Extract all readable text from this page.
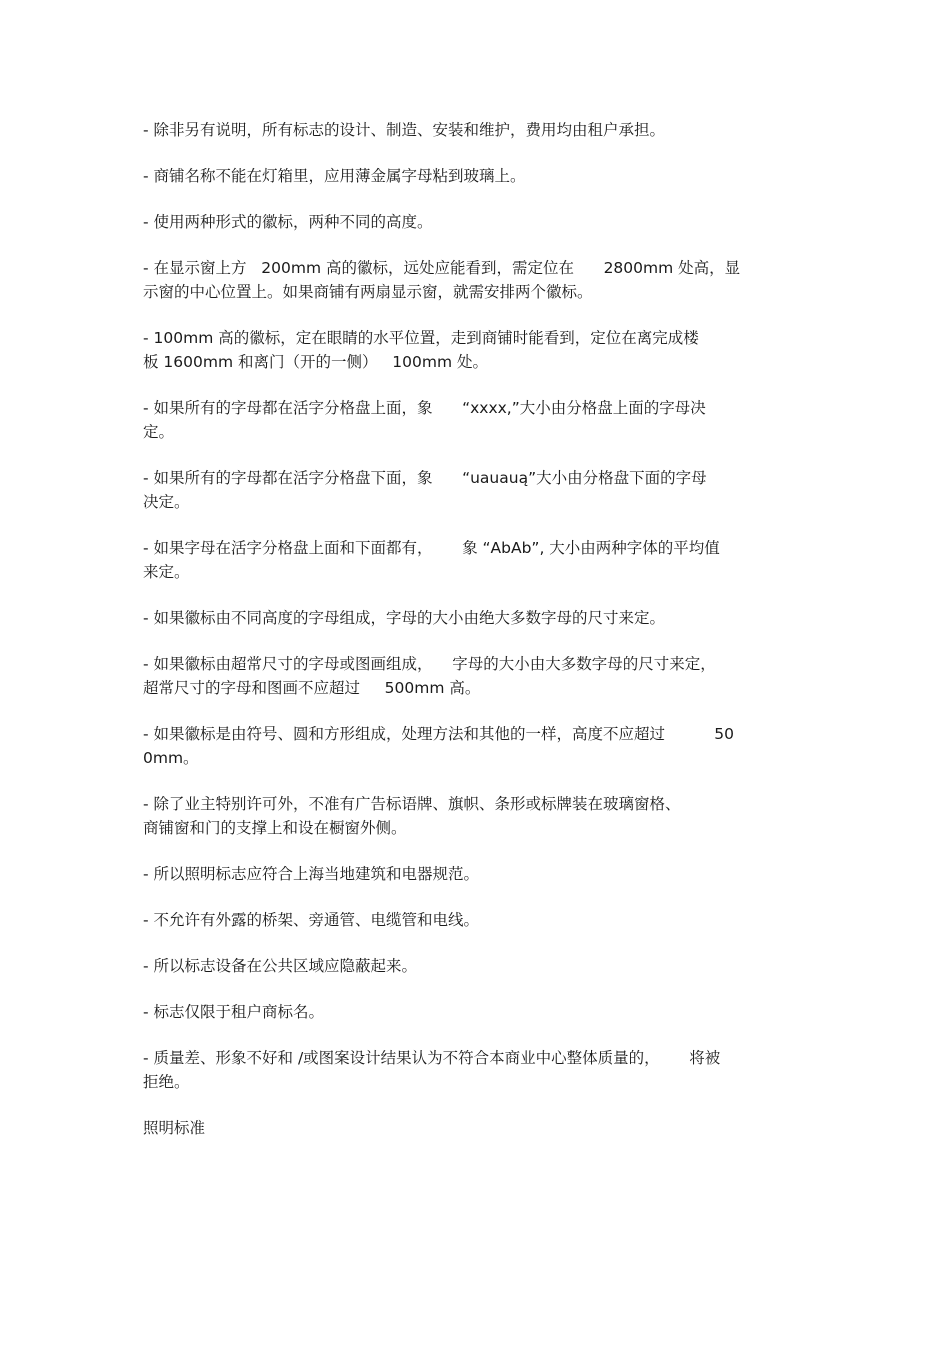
- 除非另有说明，所有标志的设计、制造、安装和维护，费用均由租户承担。

- 商铺名称不能在灯箱里，应用薄金属字母粘到玻璃上。

- 使用两种形式的徽标，两种不同的高度。

- 在显示窗上方   200mm 高的徽标，远处应能看到，需定位在      2800mm 处高，显
示窗的中心位置上。如果商铺有两扇显示窗，就需安排两个徽标。

- 100mm 高的徽标，定在眼睛的水平位置，走到商铺时能看到，定位在离完成楼
板 1600mm 和离门（开的一侧）   100mm 处。

- 如果所有的字母都在活字分格盘上面，象      “xxxx,”大小由分格盘上面的字母决
定。

- 如果所有的字母都在活字分格盘下面，象      “uauauą”大小由分格盘下面的字母
决定。

- 如果字母在活字分格盘上面和下面都有，      象 “AbAb”, 大小由两种字体的平均值
来定。

- 如果徽标由不同高度的字母组成，字母的大小由绝大多数字母的尺寸来定。

- 如果徽标由超常尺寸的字母或图画组成，    字母的大小由大多数字母的尺寸来定，
超常尺寸的字母和图画不应超过     500mm 高。

- 如果徽标是由符号、圆和方形组成，处理方法和其他的一样，高度不应超过          50
0mm。

- 除了业主特别许可外，不准有广告标语牌、旗帜、条形或标牌装在玻璃窗格、
商铺窗和门的支撑上和设在橱窗外侧。

- 所以照明标志应符合上海当地建筑和电器规范。

- 不允许有外露的桥架、旁通管、电缆管和电线。

- 所以标志设备在公共区域应隐蔽起来。

- 标志仅限于租户商标名。

- 质量差、形象不好和 /或图案设计结果认为不符合本商业中心整体质量的，      将被
拒绝。

照明标准
